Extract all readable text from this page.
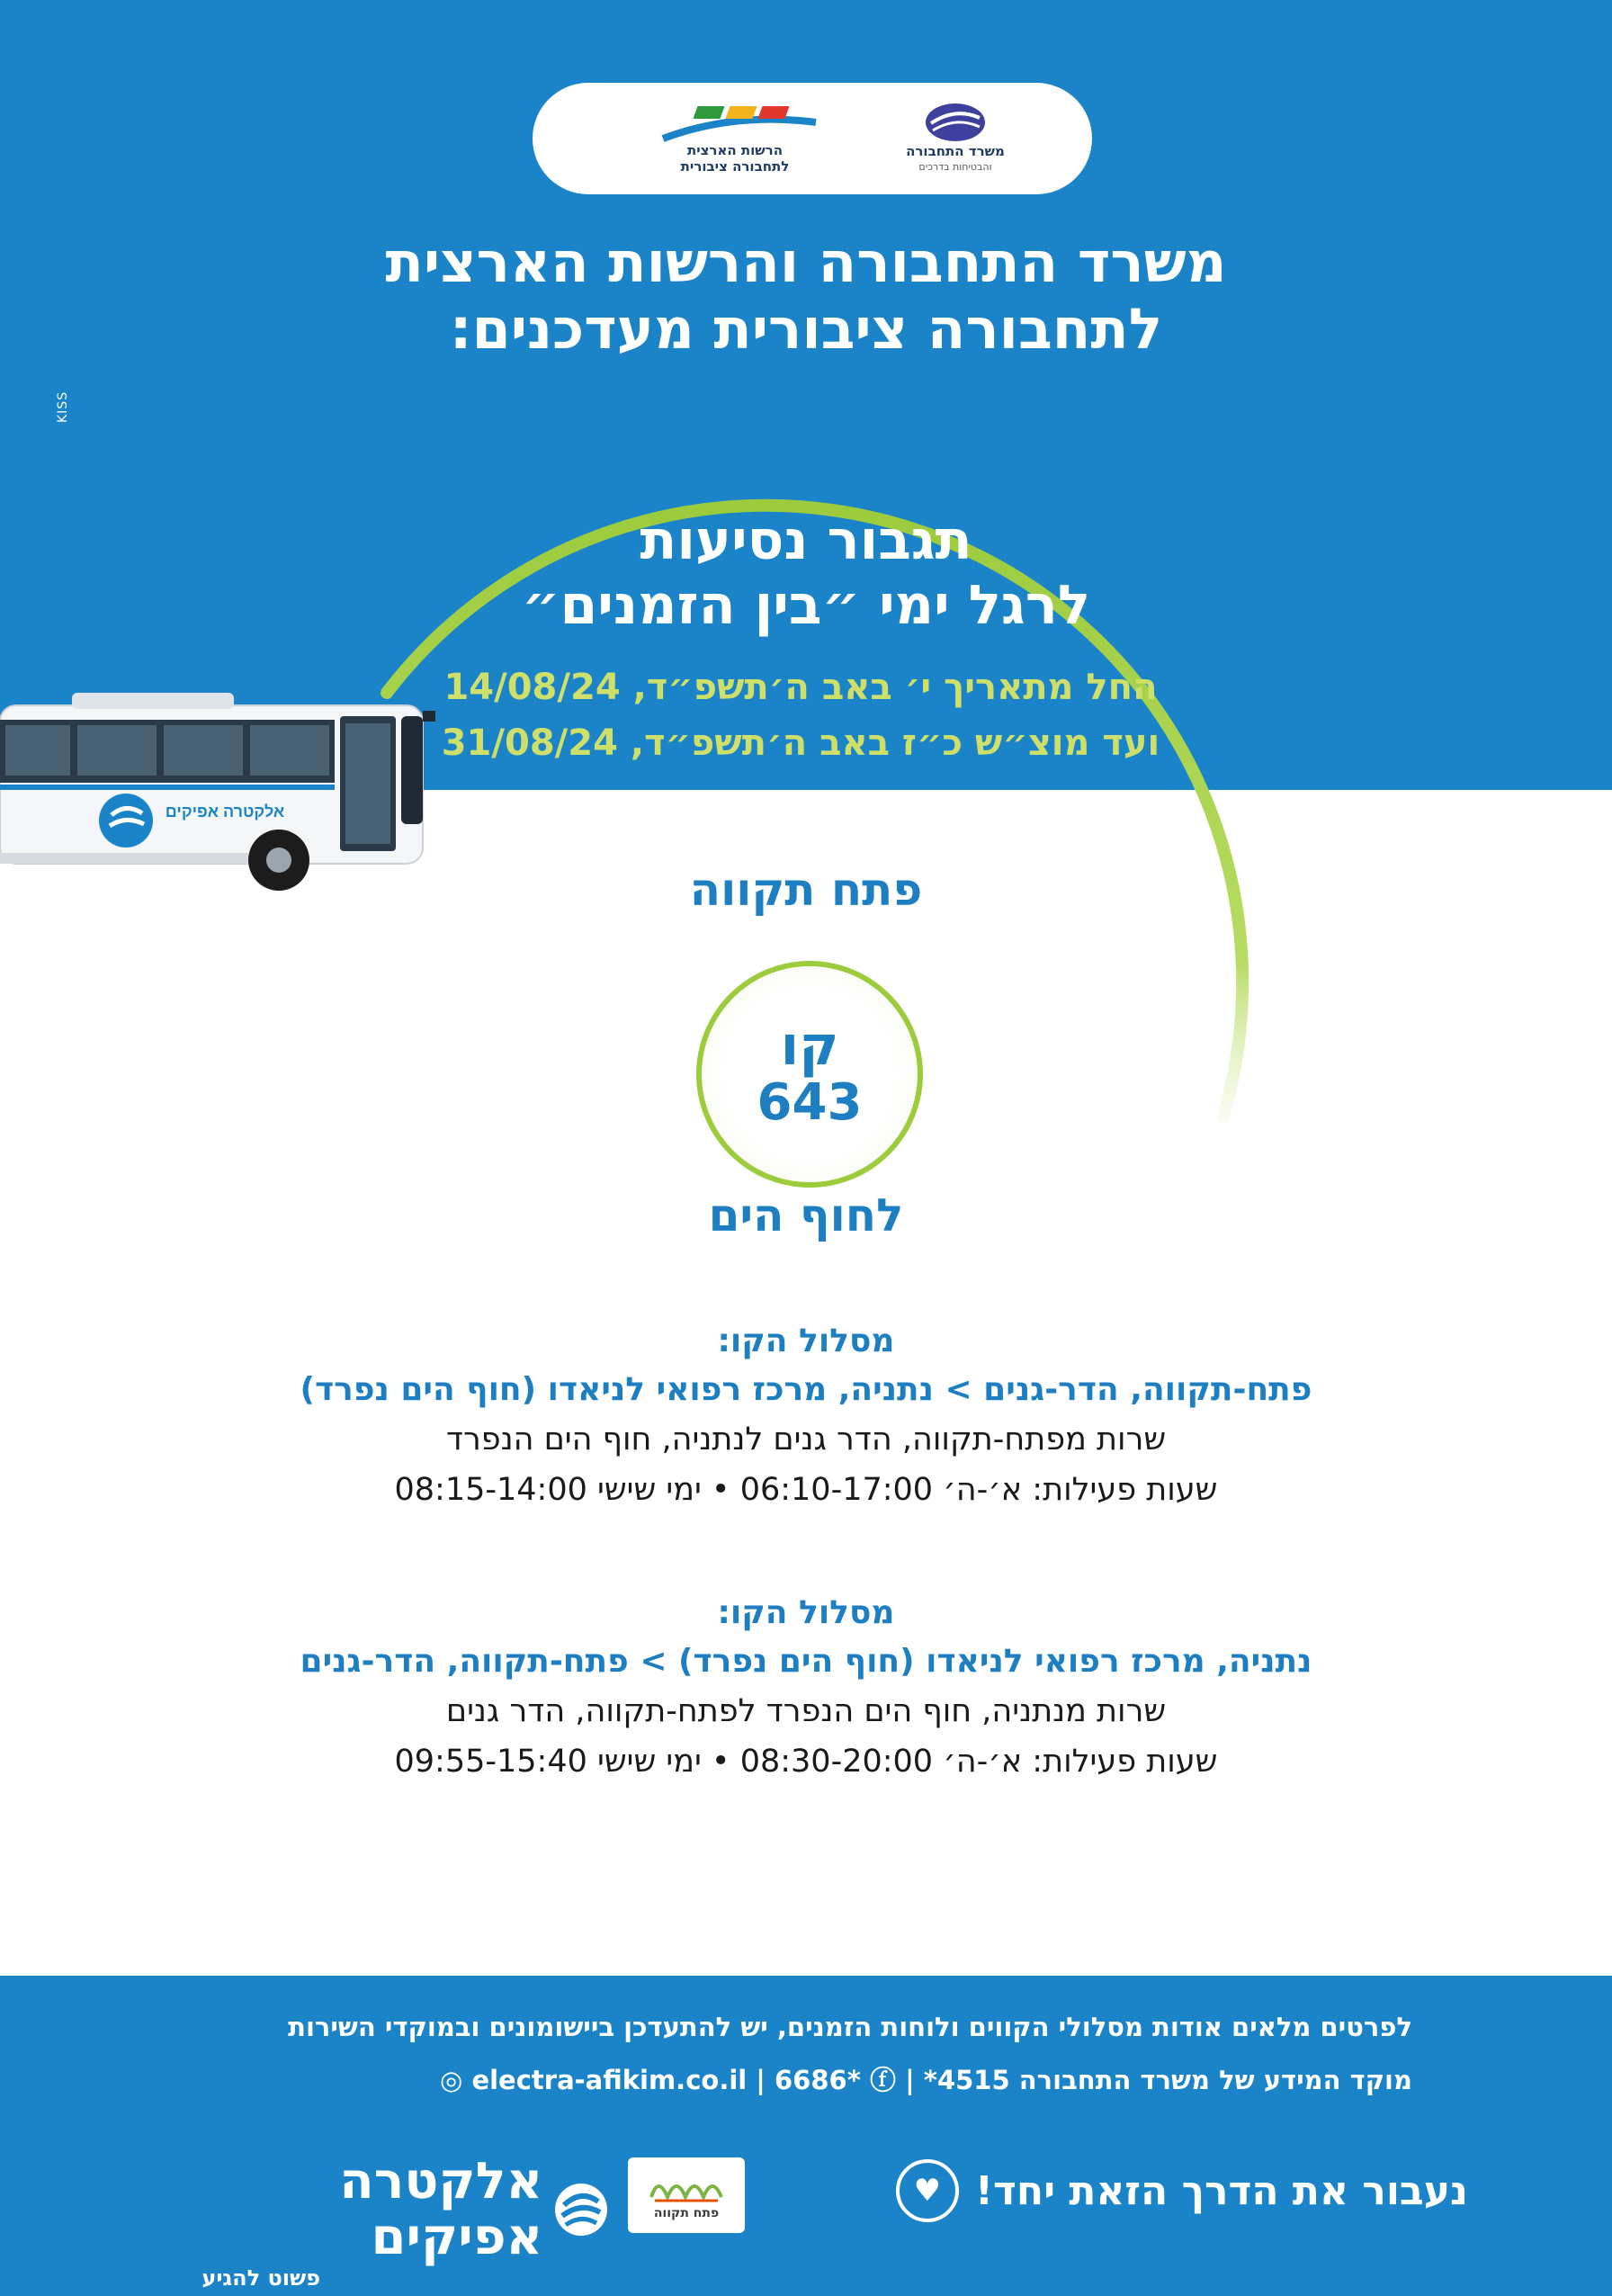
הרשות הארצית
לתחבורה ציבורית
משרד התחבורה
והבטיחות בדרכים
KISS
משרד התחבורה והרשות הארצית
לתחבורה ציבורית מעדכנים:
תגבור נסיעות
לרגל ימי ״בין הזמנים״
החל מתאריך י׳ באב ה׳תשפ״ד, 14/08/24
ועד מוצ״ש כ״ז באב ה׳תשפ״ד, 31/08/24
אלקטרה אפיקים
פתח תקווה
קו
643
לחוף הים
מסלול הקו:
פתח-תקווה, הדר-גנים > נתניה, מרכז רפואי לניאדו (חוף הים נפרד)
שרות מפתח-תקווה, הדר גנים לנתניה, חוף הים הנפרד
שעות פעילות: א׳-ה׳ 06:10-17:00 • ימי שישי 08:15-14:00
מסלול הקו:
נתניה, מרכז רפואי לניאדו (חוף הים נפרד) > פתח-תקווה, הדר-גנים
שרות מנתניה, חוף הים הנפרד לפתח-תקווה, הדר גנים
שעות פעילות: א׳-ה׳ 08:30-20:00 • ימי שישי 09:55-15:40
לפרטים מלאים אודות מסלולי הקווים ולוחות הזמנים, יש להתעדכן ביישומונים ובמוקדי השירות
מוקד המידע של משרד התחבורה 4515* | electra-afikim.co.il | 6686* ⓕ ◎
נעבור את הדרך הזאת יחד!
♥
פתח תקווה
אלקטרה אפיקים
פשוט להגיע
